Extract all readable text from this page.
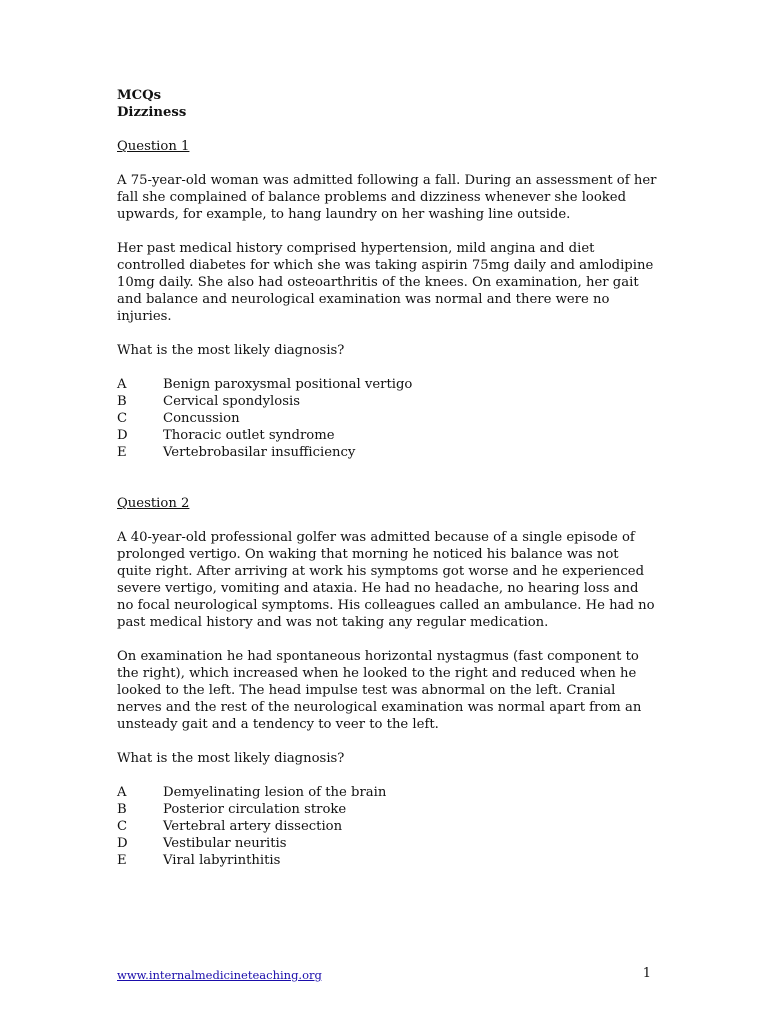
MCQs
Dizziness
Question 1

A 75-year-old woman was admitted following a fall. During an assessment of her fall she complained of balance problems and dizziness whenever she looked upwards, for example, to hang laundry on her washing line outside.

Her past medical history comprised hypertension, mild angina and diet controlled diabetes for which she was taking aspirin 75mg daily and amlodipine 10mg daily. She also had osteoarthritis of the knees. On examination, her gait and balance and neurological examination was normal and there were no injuries.

What is the most likely diagnosis?

A	Benign paroxysmal positional vertigo
B	Cervical spondylosis
C	Concussion
D	Thoracic outlet syndrome
E	Vertebrobasilar insufficiency
Question 2

A 40-year-old professional golfer was admitted because of a single episode of prolonged vertigo. On waking that morning he noticed his balance was not quite right. After arriving at work his symptoms got worse and he experienced severe vertigo, vomiting and ataxia. He had no headache, no hearing loss and no focal neurological symptoms. His colleagues called an ambulance. He had no past medical history and was not taking any regular medication.

On examination he had spontaneous horizontal nystagmus (fast component to the right), which increased when he looked to the right and reduced when he looked to the left. The head impulse test was abnormal on the left. Cranial nerves and the rest of the neurological examination was normal apart from an unsteady gait and a tendency to veer to the left.

What is the most likely diagnosis?

A	Demyelinating lesion of the brain
B	Posterior circulation stroke
C	Vertebral artery dissection
D	Vestibular neuritis
E	Viral labyrinthitis
www.internalmedicineteaching.org	1
